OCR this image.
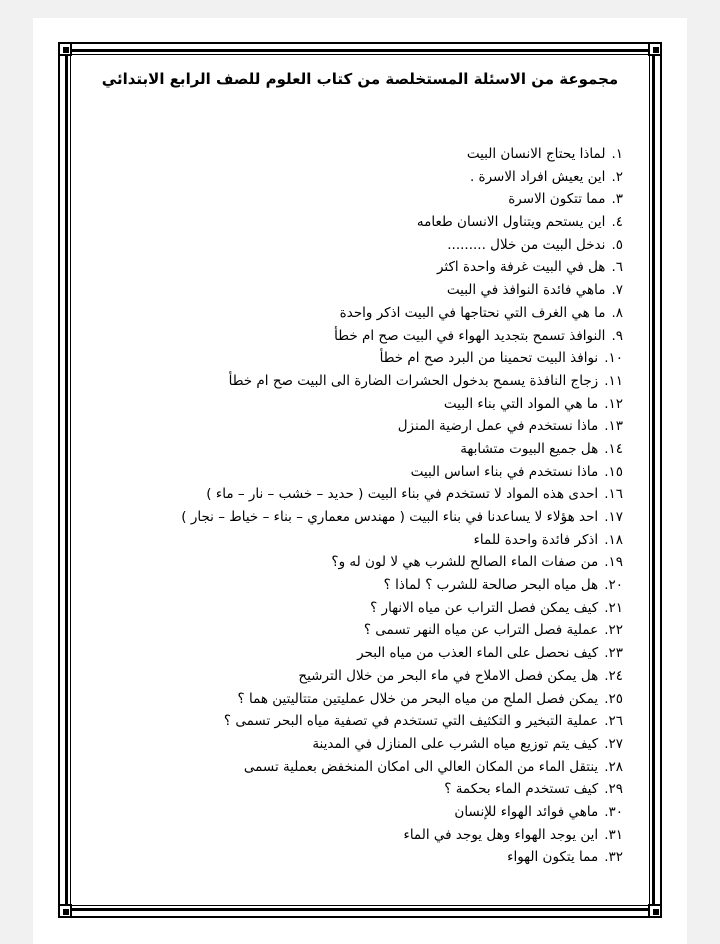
مجموعة من الاسئلة المستخلصة من كتاب العلوم للصف الرابع الابتدائي
١.لماذا يحتاج الانسان البيت
٢.اين يعيش افراد الاسرة .
٣.مما تتكون الاسرة
٤.اين يستحم ويتناول الانسان طعامه
٥.ندخل البيت من خلال .........
٦.هل في البيت غرفة واحدة اكثر
٧.ماهي فائدة النوافذ في البيت
٨.ما هي الغرف التي نحتاجها في البيت اذكر واحدة
٩.النوافذ تسمح بتجديد الهواء في البيت صح ام خطأ
١٠.نوافذ البيت تحمينا من البرد صح ام خطأ
١١.زجاج النافذة يسمح بدخول الحشرات الضارة الى البيت صح ام خطأ
١٢.ما هي المواد التي بناء البيت
١٣.ماذا نستخدم في عمل ارضية المنزل
١٤.هل جميع البيوت متشابهة
١٥.ماذا نستخدم في بناء اساس البيت
١٦.احدى هذه المواد لا تستخدم في بناء البيت ( حديد – خشب – نار – ماء )
١٧.احد هؤلاء لا يساعدنا في بناء البيت ( مهندس معماري – بناء – خياط – نجار )
١٨.اذكر فائدة واحدة للماء
١٩.من صفات الماء الصالح للشرب هي لا لون له و؟
٢٠.هل مياه البحر صالحة للشرب ؟ لماذا ؟
٢١.كيف يمكن فصل التراب عن مياه الانهار ؟
٢٢.عملية فصل التراب عن مياه النهر تسمى ؟
٢٣.كيف نحصل على الماء العذب من مياه البحر
٢٤.هل يمكن فصل الاملاح في ماء البحر من خلال الترشيح
٢٥.يمكن فصل الملح من مياه البحر من خلال عمليتين متتاليتين هما ؟
٢٦.عملية التبخير و التكثيف التي تستخدم في تصفية مياه البحر تسمى ؟
٢٧.كيف يتم توزيع مياه الشرب على المنازل في المدينة
٢٨.ينتقل الماء من المكان العالي الى امكان المنخفض بعملية تسمى
٢٩.كيف تستخدم الماء بحكمة ؟
٣٠.ماهي فوائد الهواء للإنسان
٣١.اين يوجد الهواء وهل يوجد في الماء
٣٢.مما يتكون الهواء
